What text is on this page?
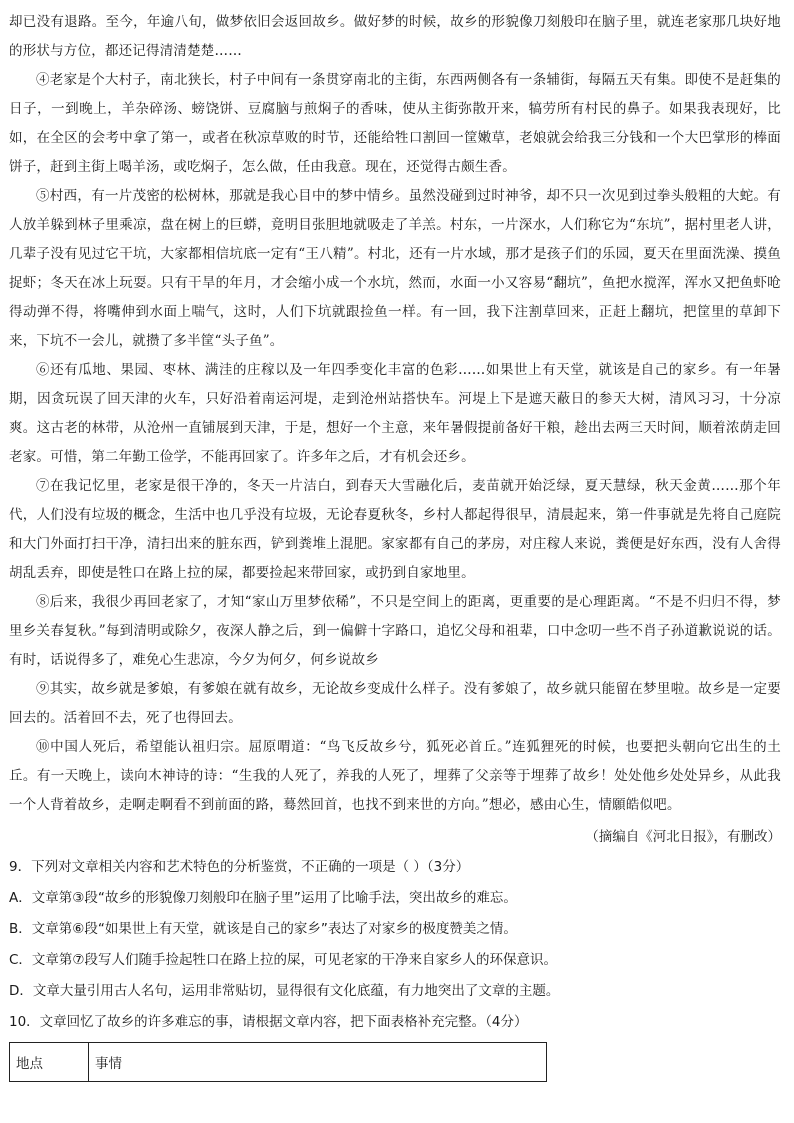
却已没有退路。至今，年逾八旬，做梦依旧会返回故乡。做好梦的时候，故乡的形貌像刀刻般印在脑子里，就连老家那几块好地的形状与方位，都还记得清清楚楚……

④老家是个大村子，南北狭长，村子中间有一条贯穿南北的主街，东西两侧各有一条辅街，每隔五天有集。即使不是赶集的日子，一到晚上，羊杂碎汤、螃饶饼、豆腐脑与煎焖子的香味，使从主街弥散开来，犒劳所有村民的鼻子。如果我表现好，比如，在全区的会考中拿了第一，或者在秋凉草败的时节，还能给牲口割回一筐嫩草，老娘就会给我三分钱和一个大巴掌形的棒面饼子，赶到主街上喝羊汤，或吃焖子，怎么做，任由我意。现在，还觉得古颇生香。

⑤村西，有一片茂密的松树林，那就是我心目中的梦中情乡。虽然没碰到过时神爷，却不只一次见到过拳头般粗的大蛇。有人放羊躲到林子里乘凉，盘在树上的巨蟒，竟明目张胆地就吸走了羊羔。村东，一片深水，人们称它为“东坑”，据村里老人讲，几辈子没有见过它干坑，大家都相信坑底一定有“王八精”。村北，还有一片水域，那才是孩子们的乐园，夏天在里面洗澡、摸鱼捉虾；冬天在冰上玩耍。只有干旱的年月，才会缩小成一个水坑，然而，水面一小又容易“翻坑”，鱼把水搅浑，浑水又把鱼虾呛得动弹不得，将嘴伸到水面上喘气，这时，人们下坑就跟捡鱼一样。有一回，我下注割草回来，正赶上翻坑，把筐里的草卸下来，下坑不一会儿，就攒了多半筐“头子鱼”。

⑥还有瓜地、果园、枣林、满洼的庄稼以及一年四季变化丰富的色彩……如果世上有天堂，就该是自己的家乡。有一年暑期，因贪玩误了回天津的火车，只好沿着南运河堤，走到沧州站搭快车。河堤上下是遮天蔽日的参天大树，清风习习，十分凉爽。这古老的林带，从沧州一直铺展到天津，于是，想好一个主意，来年暑假提前备好干粮，趁出去两三天时间，顺着浓荫走回老家。可惜，第二年勤工俭学，不能再回家了。许多年之后，才有机会还乡。

⑦在我记忆里，老家是很干净的，冬天一片洁白，到春天大雪融化后，麦苗就开始泛绿，夏天慧绿，秋天金黄……那个年代，人们没有垃圾的概念，生活中也几乎没有垃圾，无论春夏秋冬，乡村人都起得很早，清晨起来，第一件事就是先将自己庭院和大门外面打扫干净，清扫出来的脏东西，铲到粪堆上混肥。家家都有自己的茅房，对庄稼人来说，粪便是好东西，没有人舍得胡乱丢弃，即使是牲口在路上拉的屎，都要捡起来带回家，或扔到自家地里。

⑧后来，我很少再回老家了，才知“家山万里梦依稀”，不只是空间上的距离，更重要的是心理距离。“不是不归归不得，梦里乡关春复秋。”每到清明或除夕，夜深人静之后，到一偏僻十字路口，追忆父母和祖辈，口中念叨一些不肖子孙道歉说说的话。有时，话说得多了，难免心生悲凉，今夕为何夕，何乡说故乡

⑨其实，故乡就是爹娘，有爹娘在就有故乡，无论故乡变成什么样子。没有爹娘了，故乡就只能留在梦里啦。故乡是一定要回去的。活着回不去，死了也得回去。

⑩中国人死后，希望能认祖归宗。屈原喟道：“鸟飞反故乡兮，狐死必首丘。”连狐狸死的时候，也要把头朝向它出生的土丘。有一天晚上，读向木神诗的诗：“生我的人死了，养我的人死了，埋葬了父亲等于埋葬了故乡！处处他乡处处异乡，从此我一个人背着故乡，走啊走啊看不到前面的路，蓦然回首，也找不到来世的方向。”想必，感由心生，情願皓似吧。

（摘编自《河北日报》，有删改）

9．下列对文章相关内容和艺术特色的分析鉴赏，不正确的一项是（ ）（3分）

A．文章第③段“故乡的形貌像刀刻般印在脑子里”运用了比喻手法，突出故乡的难忘。

B．文章第⑥段“如果世上有天堂，就该是自己的家乡”表达了对家乡的极度赞美之情。

C．文章第⑦段写人们随手捡起牲口在路上拉的屎，可见老家的干净来自家乡人的环保意识。

D．文章大量引用古人名句，运用非常贴切，显得很有文化底蕴，有力地突出了文章的主题。

10．文章回忆了故乡的许多难忘的事，请根据文章内容，把下面表格补充完整。（4分）

地点	事情
